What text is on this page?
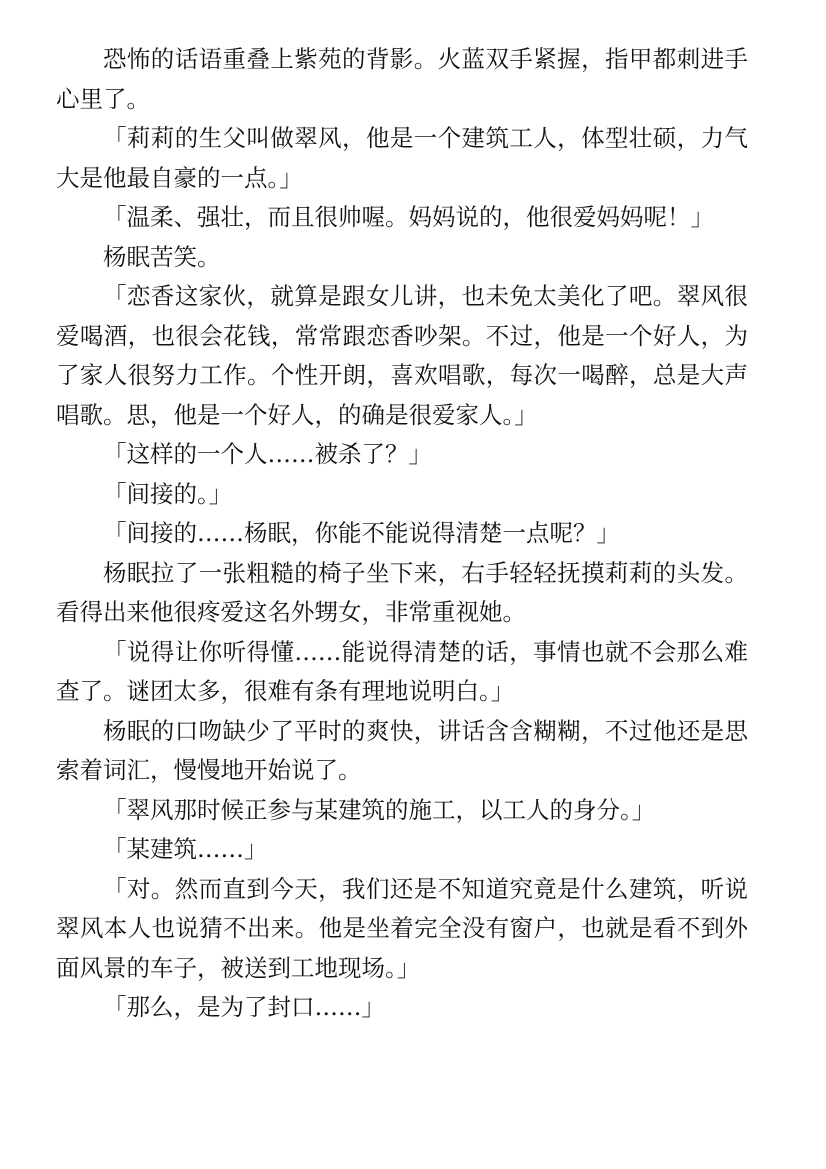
恐怖的话语重叠上紫苑的背影。火蓝双手紧握，指甲都刺进手心里了。

「莉莉的生父叫做翠风，他是一个建筑工人，体型壮硕，力气大是他最自豪的一点。」

「温柔、强壮，而且很帅喔。妈妈说的，他很爱妈妈呢！」

杨眠苦笑。

「恋香这家伙，就算是跟女儿讲，也未免太美化了吧。翠风很爱喝酒，也很会花钱，常常跟恋香吵架。不过，他是一个好人，为了家人很努力工作。个性开朗，喜欢唱歌，每次一喝醉，总是大声唱歌。思，他是一个好人，的确是很爱家人。」

「这样的一个人……被杀了？」

「间接的。」

「间接的……杨眠，你能不能说得清楚一点呢？」

杨眠拉了一张粗糙的椅子坐下来，右手轻轻抚摸莉莉的头发。看得出来他很疼爱这名外甥女，非常重视她。

「说得让你听得懂……能说得清楚的话，事情也就不会那么难查了。谜团太多，很难有条有理地说明白。」

杨眠的口吻缺少了平时的爽快，讲话含含糊糊，不过他还是思索着词汇，慢慢地开始说了。

「翠风那时候正参与某建筑的施工，以工人的身分。」

「某建筑……」

「对。然而直到今天，我们还是不知道究竟是什么建筑，听说翠风本人也说猜不出来。他是坐着完全没有窗户，也就是看不到外面风景的车子，被送到工地现场。」

「那么，是为了封口……」
